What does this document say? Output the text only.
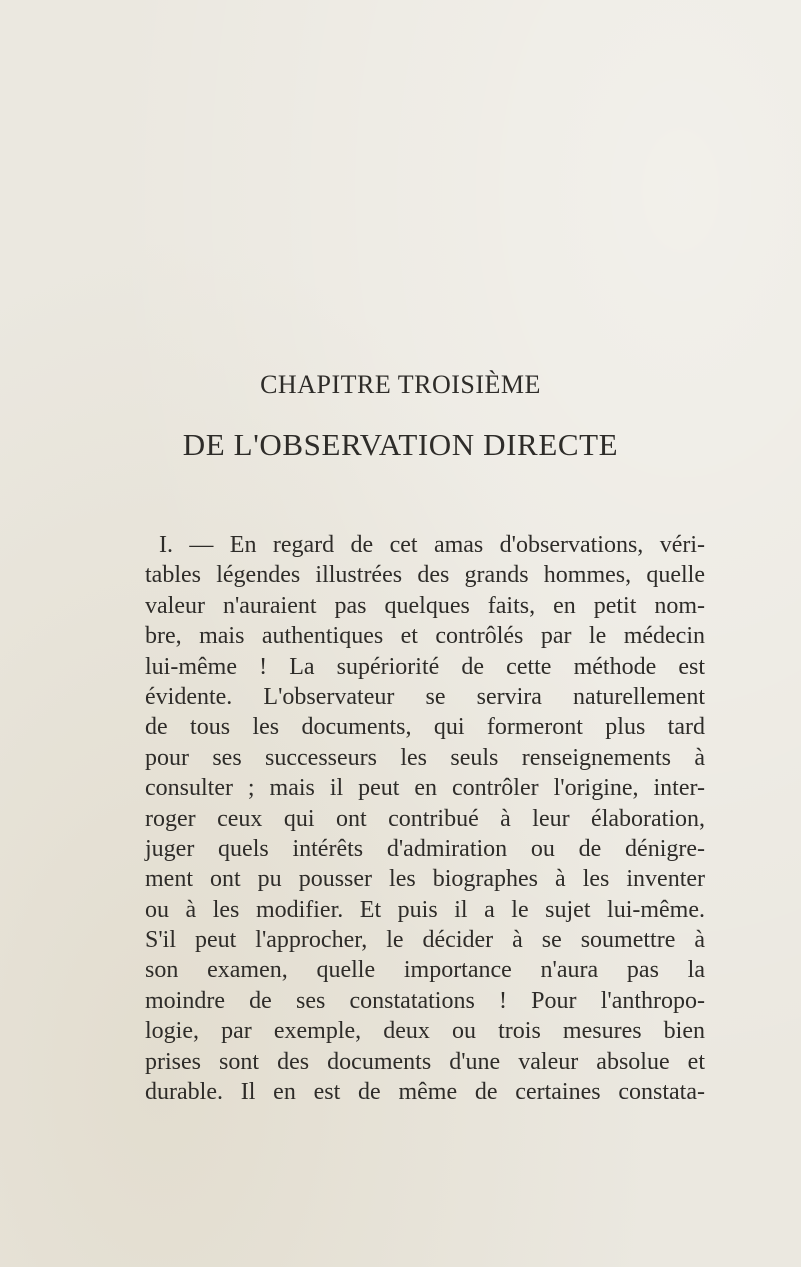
CHAPITRE TROISIÈME
DE L'OBSERVATION DIRECTE
I. — En regard de cet amas d'observations, véri-
tables légendes illustrées des grands hommes, quelle
valeur n'auraient pas quelques faits, en petit nom-
bre, mais authentiques et contrôlés par le médecin
lui-même ! La supériorité de cette méthode est
évidente. L'observateur se servira naturellement
de tous les documents, qui formeront plus tard
pour ses successeurs les seuls renseignements à
consulter ; mais il peut en contrôler l'origine, inter-
roger ceux qui ont contribué à leur élaboration,
juger quels intérêts d'admiration ou de dénigre-
ment ont pu pousser les biographes à les inventer
ou à les modifier. Et puis il a le sujet lui-même.
S'il peut l'approcher, le décider à se soumettre à
son examen, quelle importance n'aura pas la
moindre de ses constatations ! Pour l'anthropo-
logie, par exemple, deux ou trois mesures bien
prises sont des documents d'une valeur absolue et
durable. Il en est de même de certaines constata-
